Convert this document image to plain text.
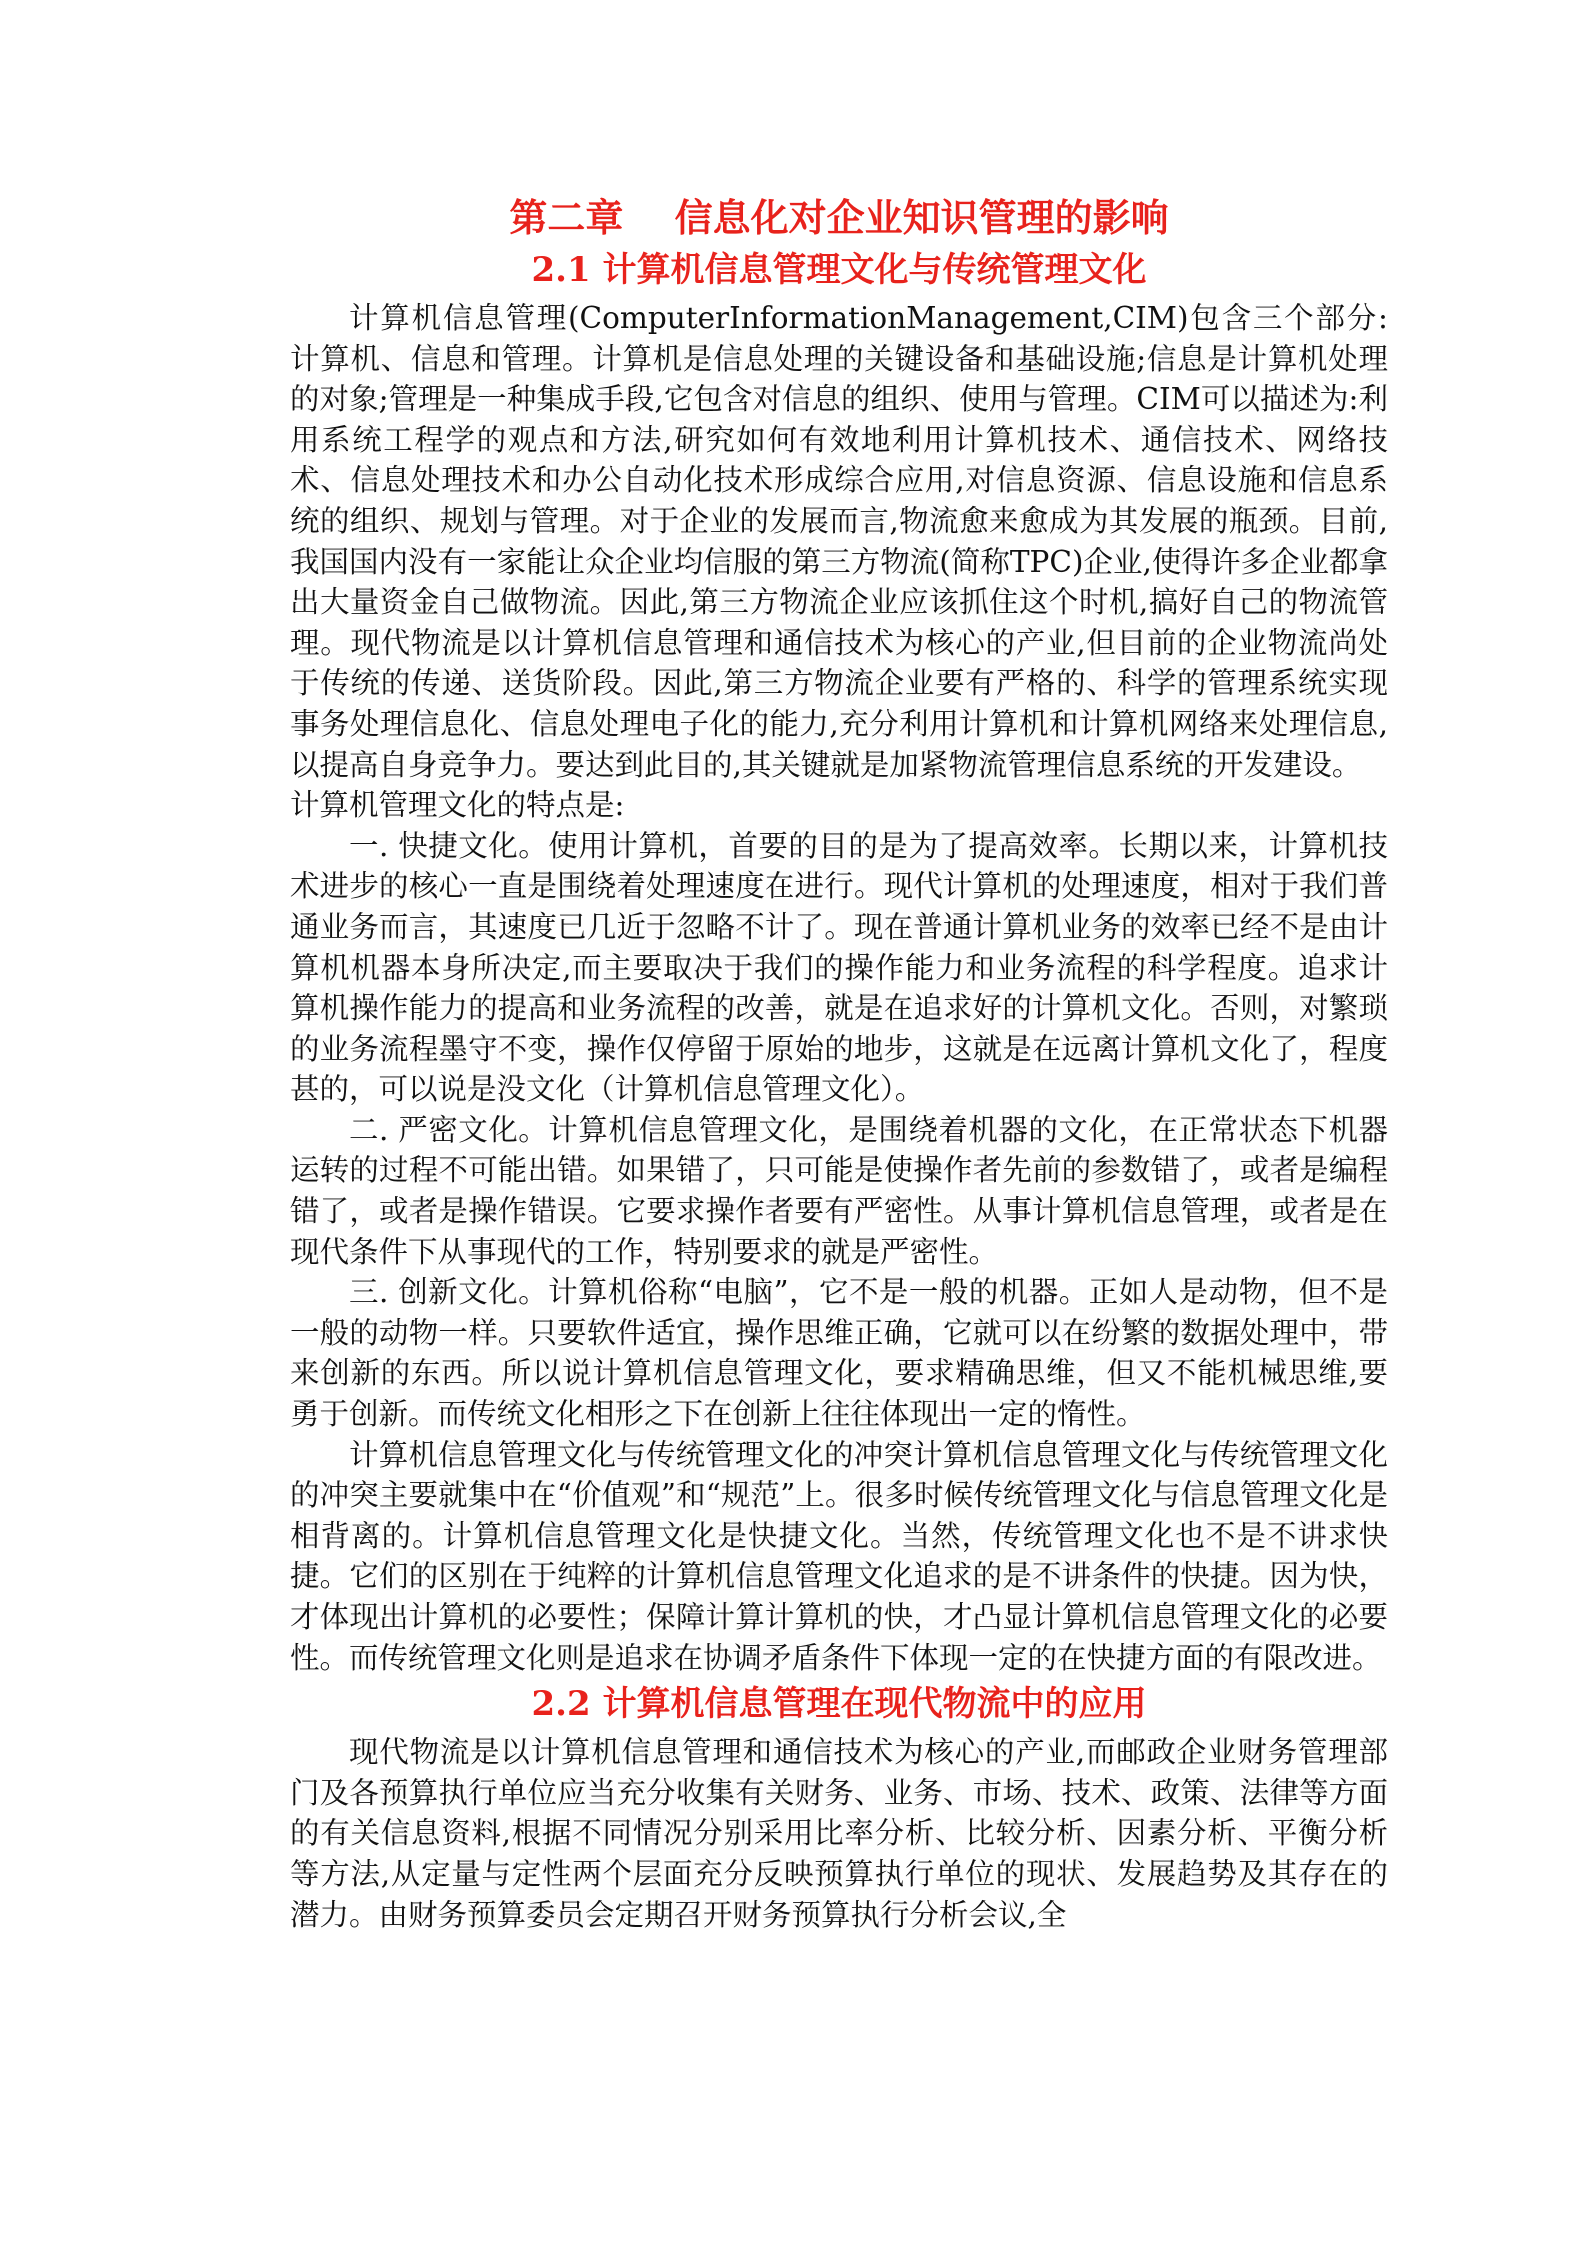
第二章　 信息化对企业知识管理的影响
2.1 计算机信息管理文化与传统管理文化

计算机信息管理(ComputerInformationManagement,CIM)包含三个部分:计算机、信息和管理。计算机是信息处理的关键设备和基础设施;信息是计算机处理的对象;管理是一种集成手段,它包含对信息的组织、使用与管理。CIM可以描述为:利用系统工程学的观点和方法,研究如何有效地利用计算机技术、通信技术、网络技术、信息处理技术和办公自动化技术形成综合应用,对信息资源、信息设施和信息系统的组织、规划与管理。对于企业的发展而言,物流愈来愈成为其发展的瓶颈。目前,我国国内没有一家能让众企业均信服的第三方物流(简称TPC)企业,使得许多企业都拿出大量资金自己做物流。因此,第三方物流企业应该抓住这个时机,搞好自己的物流管理。现代物流是以计算机信息管理和通信技术为核心的产业,但目前的企业物流尚处于传统的传递、送货阶段。因此,第三方物流企业要有严格的、科学的管理系统实现事务处理信息化、信息处理电子化的能力,充分利用计算机和计算机网络来处理信息,以提高自身竞争力。要达到此目的,其关键就是加紧物流管理信息系统的开发建设。

计算机管理文化的特点是:

一. 快捷文化。使用计算机，首要的目的是为了提高效率。长期以来，计算机技术进步的核心一直是围绕着处理速度在进行。现代计算机的处理速度，相对于我们普通业务而言，其速度已几近于忽略不计了。现在普通计算机业务的效率已经不是由计算机机器本身所决定,而主要取决于我们的操作能力和业务流程的科学程度。追求计算机操作能力的提高和业务流程的改善，就是在追求好的计算机文化。否则，对繁琐的业务流程墨守不变，操作仅停留于原始的地步，这就是在远离计算机文化了，程度甚的，可以说是没文化（计算机信息管理文化）。

二. 严密文化。计算机信息管理文化，是围绕着机器的文化，在正常状态下机器运转的过程不可能出错。如果错了，只可能是使操作者先前的参数错了，或者是编程错了，或者是操作错误。它要求操作者要有严密性。从事计算机信息管理，或者是在现代条件下从事现代的工作，特别要求的就是严密性。

三. 创新文化。计算机俗称“电脑”，它不是一般的机器。正如人是动物，但不是一般的动物一样。只要软件适宜，操作思维正确，它就可以在纷繁的数据处理中，带来创新的东西。所以说计算机信息管理文化，要求精确思维，但又不能机械思维,要勇于创新。而传统文化相形之下在创新上往往体现出一定的惰性。

计算机信息管理文化与传统管理文化的冲突计算机信息管理文化与传统管理文化的冲突主要就集中在“价值观”和“规范”上。很多时候传统管理文化与信息管理文化是相背离的。计算机信息管理文化是快捷文化。当然，传统管理文化也不是不讲求快捷。它们的区别在于纯粹的计算机信息管理文化追求的是不讲条件的快捷。因为快，才体现出计算机的必要性；保障计算计算机的快，才凸显计算机信息管理文化的必要性。而传统管理文化则是追求在协调矛盾条件下体现一定的在快捷方面的有限改进。

2.2 计算机信息管理在现代物流中的应用

现代物流是以计算机信息管理和通信技术为核心的产业,而邮政企业财务管理部门及各预算执行单位应当充分收集有关财务、业务、市场、技术、政策、法律等方面的有关信息资料,根据不同情况分别采用比率分析、比较分析、因素分析、平衡分析等方法,从定量与定性两个层面充分反映预算执行单位的现状、发展趋势及其存在的潜力。由财务预算委员会定期召开财务预算执行分析会议,全
